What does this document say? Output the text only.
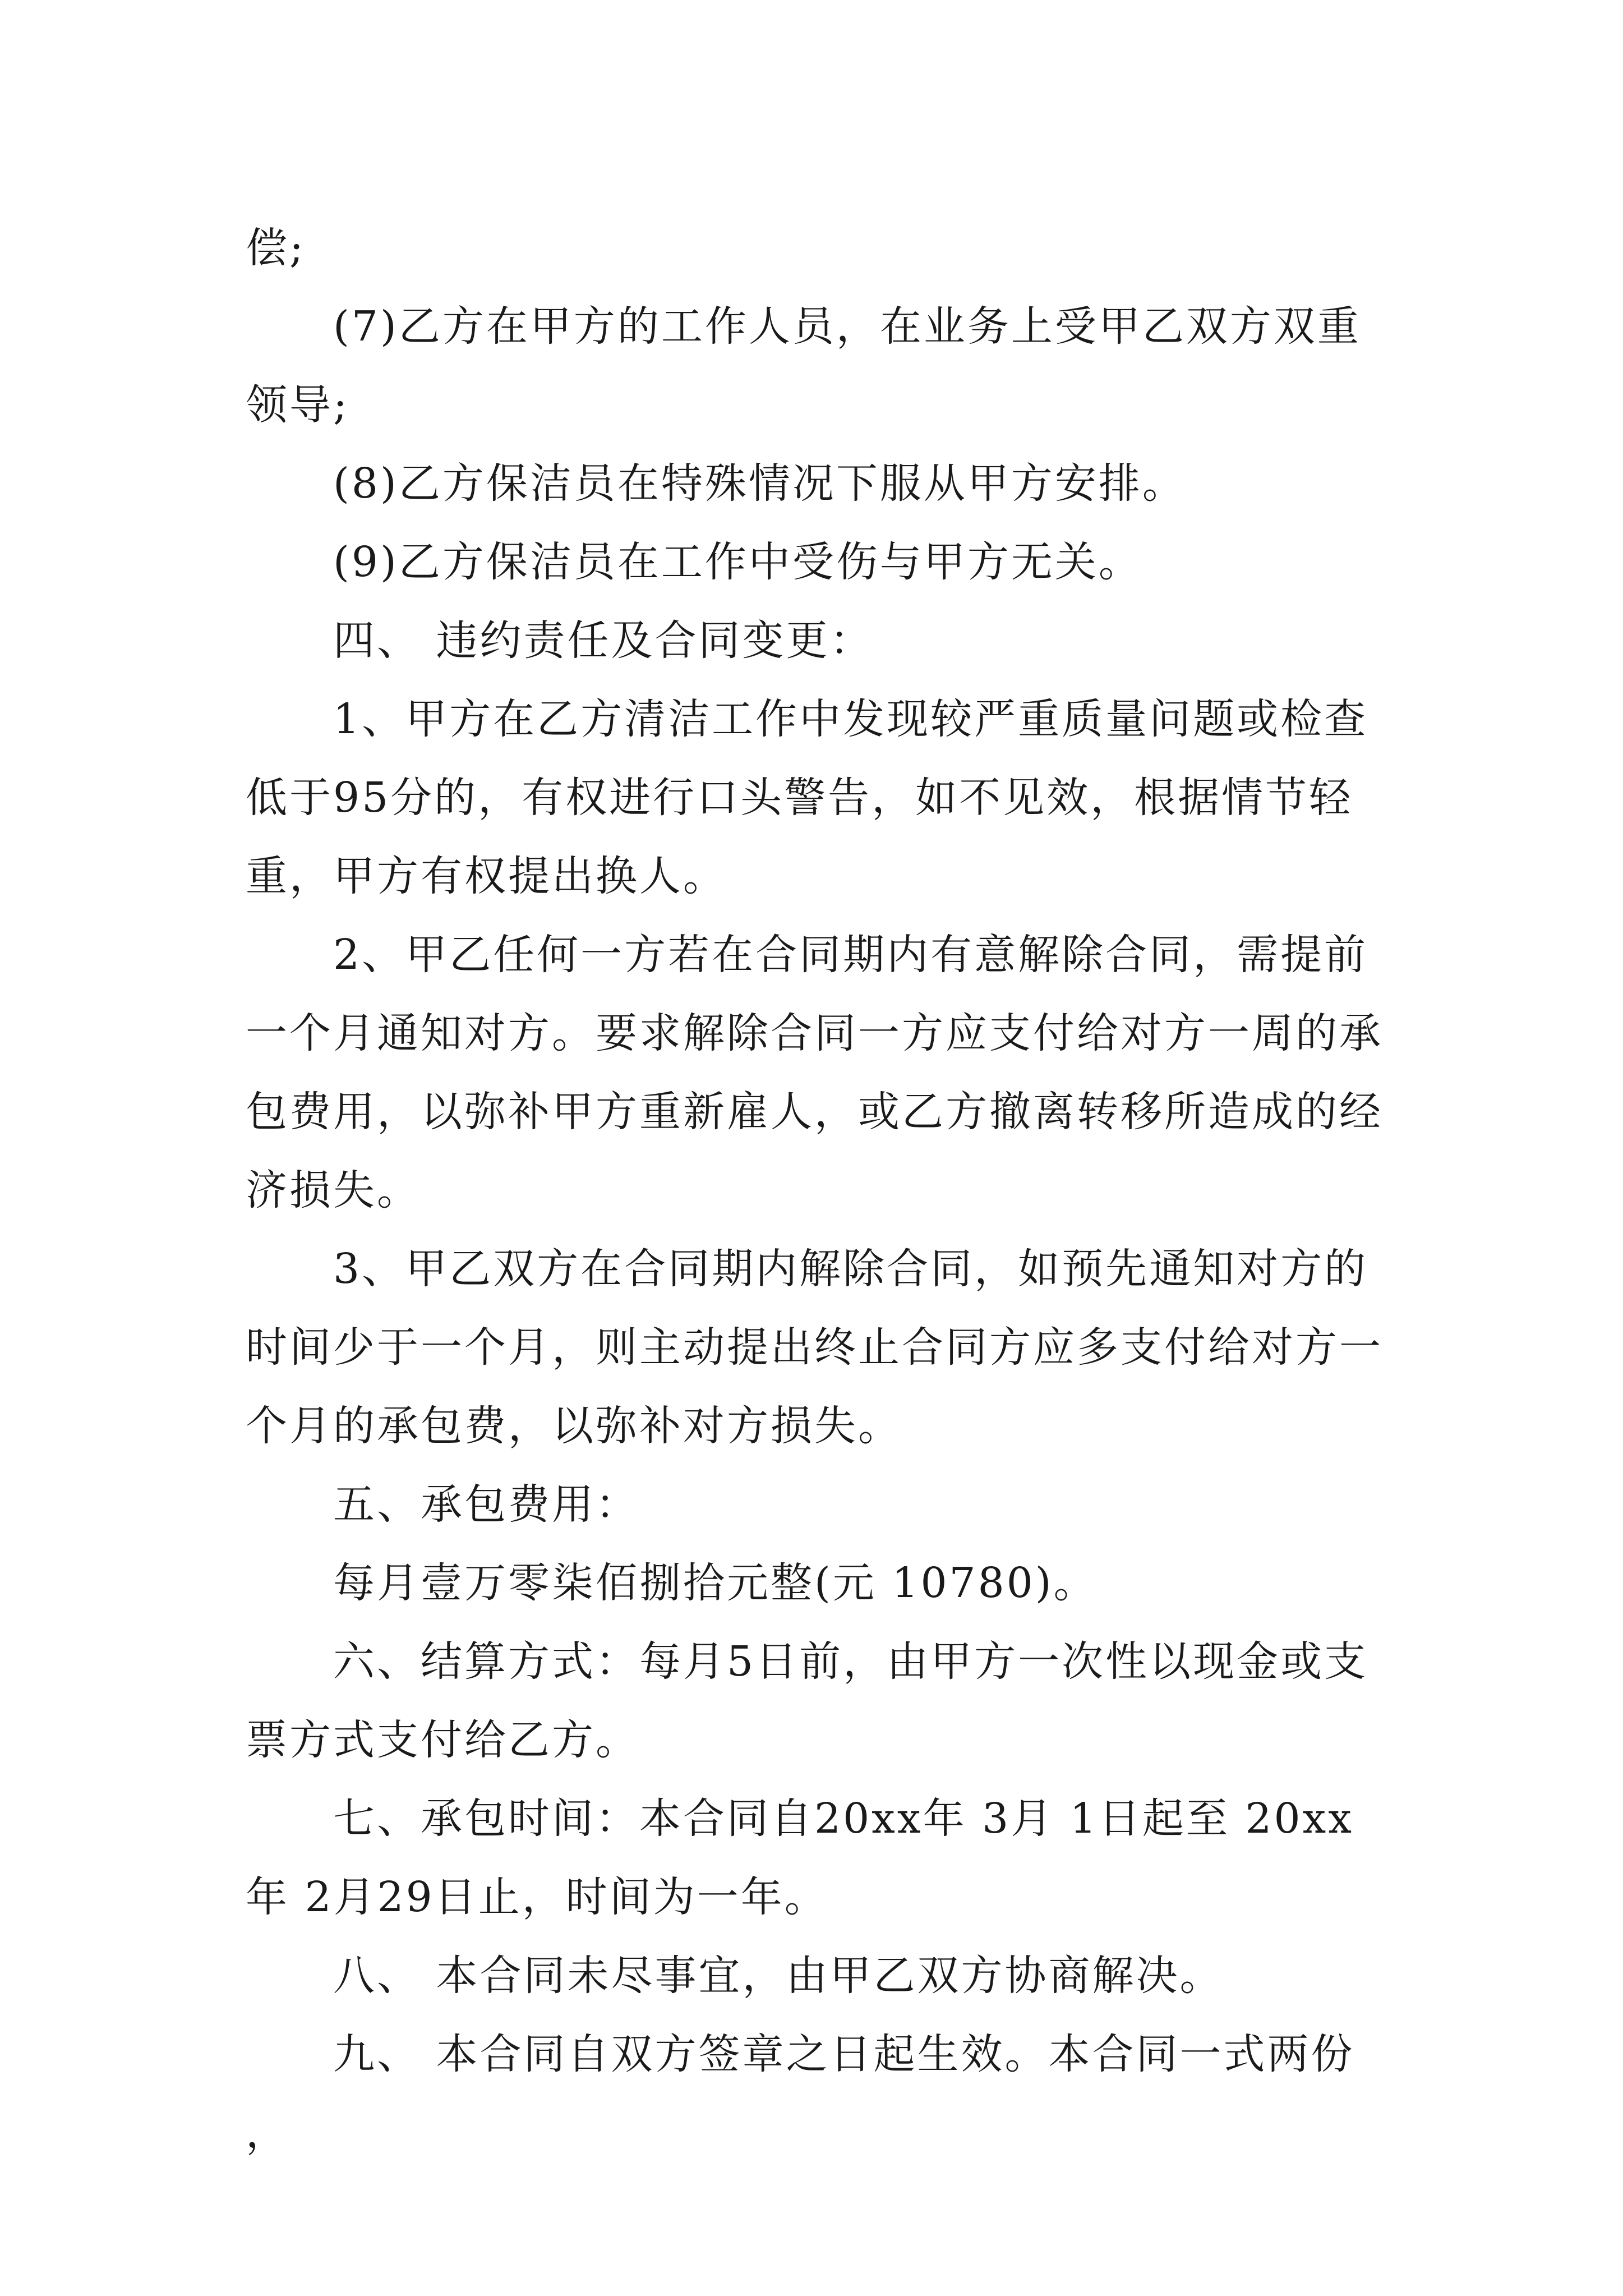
偿;

(7)乙方在甲方的工作人员，在业务上受甲乙双方双重领导;

(8)乙方保洁员在特殊情况下服从甲方安排。

(9)乙方保洁员在工作中受伤与甲方无关。

四、 违约责任及合同变更：

1、甲方在乙方清洁工作中发现较严重质量问题或检查低于95分的，有权进行口头警告，如不见效，根据情节轻重，甲方有权提出换人。

2、甲乙任何一方若在合同期内有意解除合同，需提前一个月通知对方。要求解除合同一方应支付给对方一周的承包费用，以弥补甲方重新雇人，或乙方撤离转移所造成的经济损失。

3、甲乙双方在合同期内解除合同，如预先通知对方的时间少于一个月，则主动提出终止合同方应多支付给对方一个月的承包费，以弥补对方损失。

五、承包费用：

每月壹万零柒佰捌拾元整(元 10780)。

六、结算方式：每月5日前，由甲方一次性以现金或支票方式支付给乙方。

七、承包时间：本合同自20xx年 3月 1日起至 20xx年 2月29日止，时间为一年。

八、 本合同未尽事宜，由甲乙双方协商解决。

九、 本合同自双方签章之日起生效。本合同一式两份，
